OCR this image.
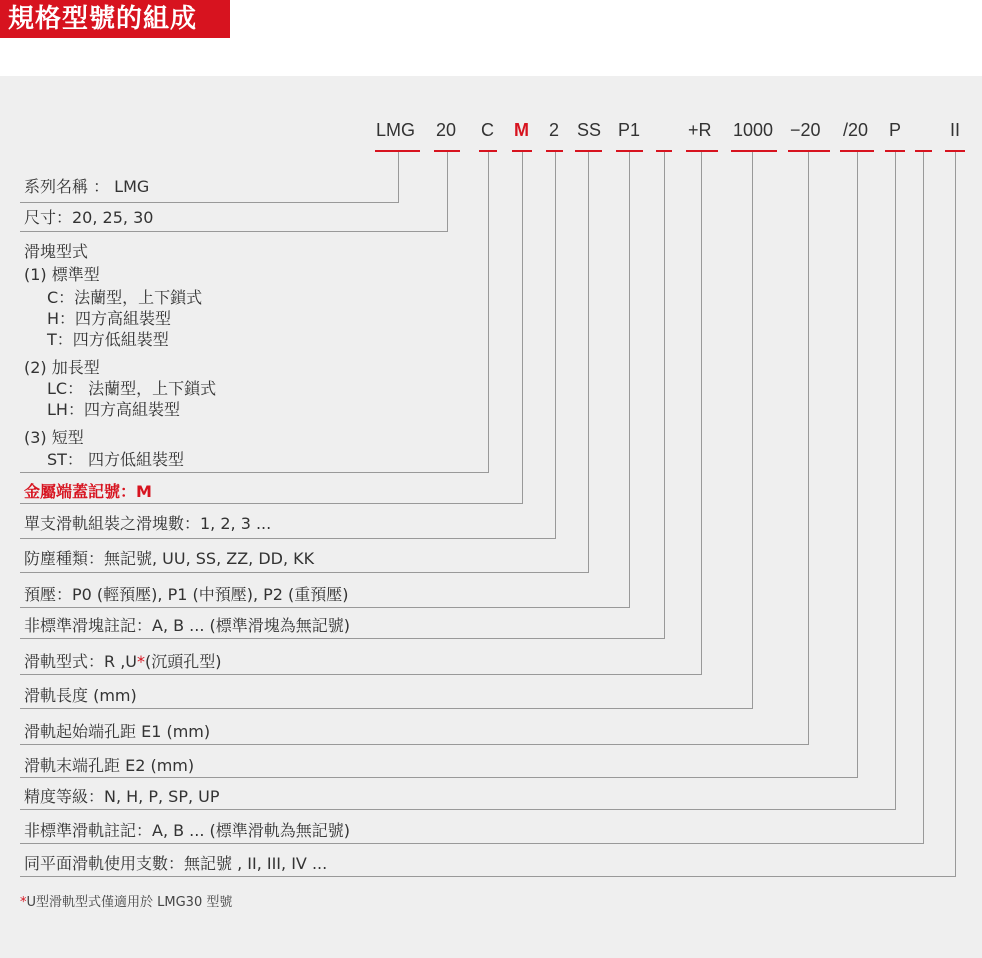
規格型號的組成
LMG 20 C M 2 SS P1	+R 1000 −20 /20 P	II
系列名稱 ： LMG
尺寸：20, 25, 30
滑塊型式
(1) 標準型
C：法蘭型，上下鎖式
H：四方高組裝型
T：四方低組裝型
(2) 加長型
LC： 法蘭型，上下鎖式
LH：四方高組裝型
(3) 短型
ST： 四方低組裝型
金屬端蓋記號：M
單支滑軌組裝之滑塊數：1, 2, 3 ...
防塵種類：無記號, UU, SS, ZZ, DD, KK
預壓：P0 (輕預壓), P1 (中預壓), P2 (重預壓)
非標準滑塊註記：A, B ... (標準滑塊為無記號)
滑軌型式：R ,U*(沉頭孔型)
滑軌長度 (mm)
滑軌起始端孔距 E1 (mm)
滑軌末端孔距 E2 (mm)
精度等級：N, H, P, SP, UP
非標準滑軌註記：A, B ... (標準滑軌為無記號)
同平面滑軌使用支數：無記號 , II, III, IV ...
*U型滑軌型式僅適用於 LMG30 型號
